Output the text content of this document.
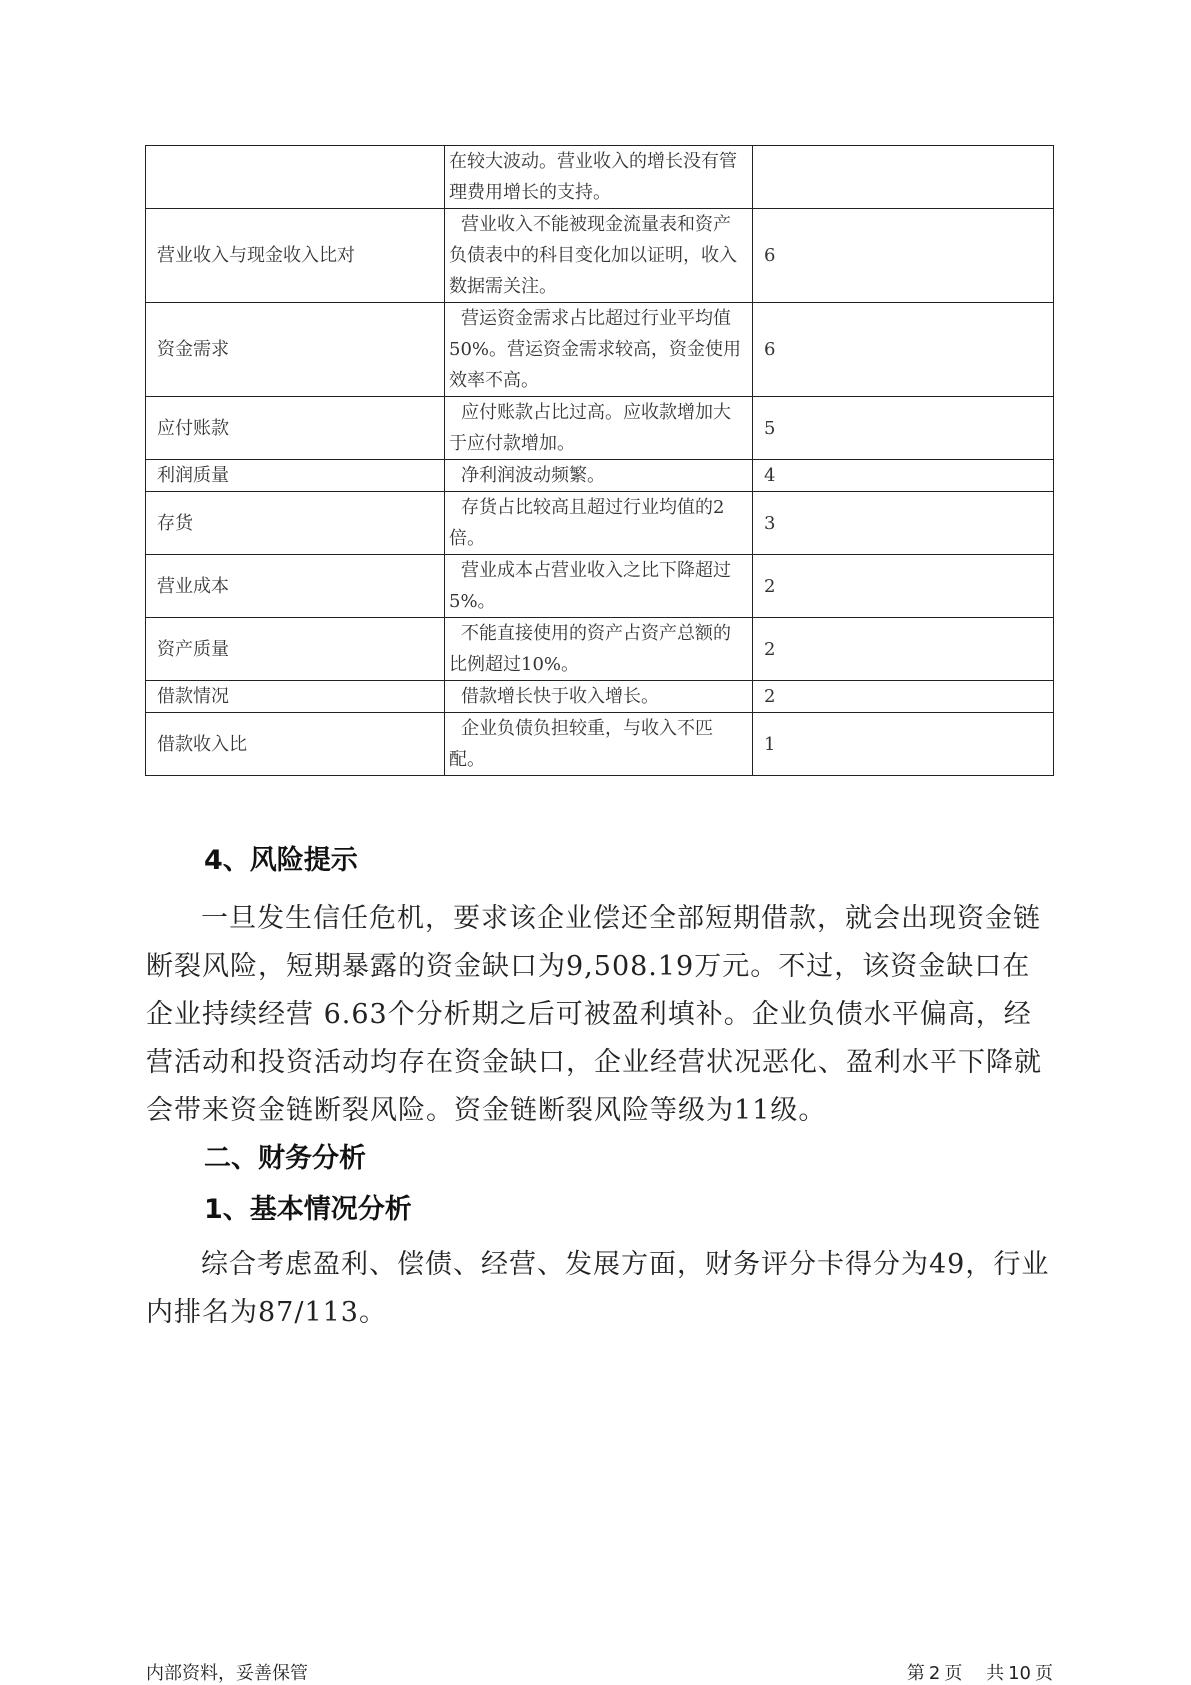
	在较大波动。营业收入的增长没有管理费用增长的支持。	
营业收入与现金收入比对	营业收入不能被现金流量表和资产负债表中的科目变化加以证明，收入数据需关注。	6
资金需求	营运资金需求占比超过行业平均值50%。营运资金需求较高，资金使用效率不高。	6
应付账款	应付账款占比过高。应收款增加大于应付款增加。	5
利润质量	净利润波动频繁。	4
存货	存货占比较高且超过行业均值的2倍。	3
营业成本	营业成本占营业收入之比下降超过5%。	2
资产质量	不能直接使用的资产占资产总额的比例超过10%。	2
借款情况	借款增长快于收入增长。	2
借款收入比	企业负债负担较重，与收入不匹配。	1
4、风险提示

一旦发生信任危机，要求该企业偿还全部短期借款，就会出现资金链断裂风险，短期暴露的资金缺口为9,508.19万元。不过，该资金缺口在企业持续经营 6.63个分析期之后可被盈利填补。企业负债水平偏高，经营活动和投资活动均存在资金缺口，企业经营状况恶化、盈利水平下降就会带来资金链断裂风险。资金链断裂风险等级为11级。

二、财务分析
1、基本情况分析

综合考虑盈利、偿债、经营、发展方面，财务评分卡得分为49，行业内排名为87/113。

内部资料，妥善保管	第 2 页 共 10 页
